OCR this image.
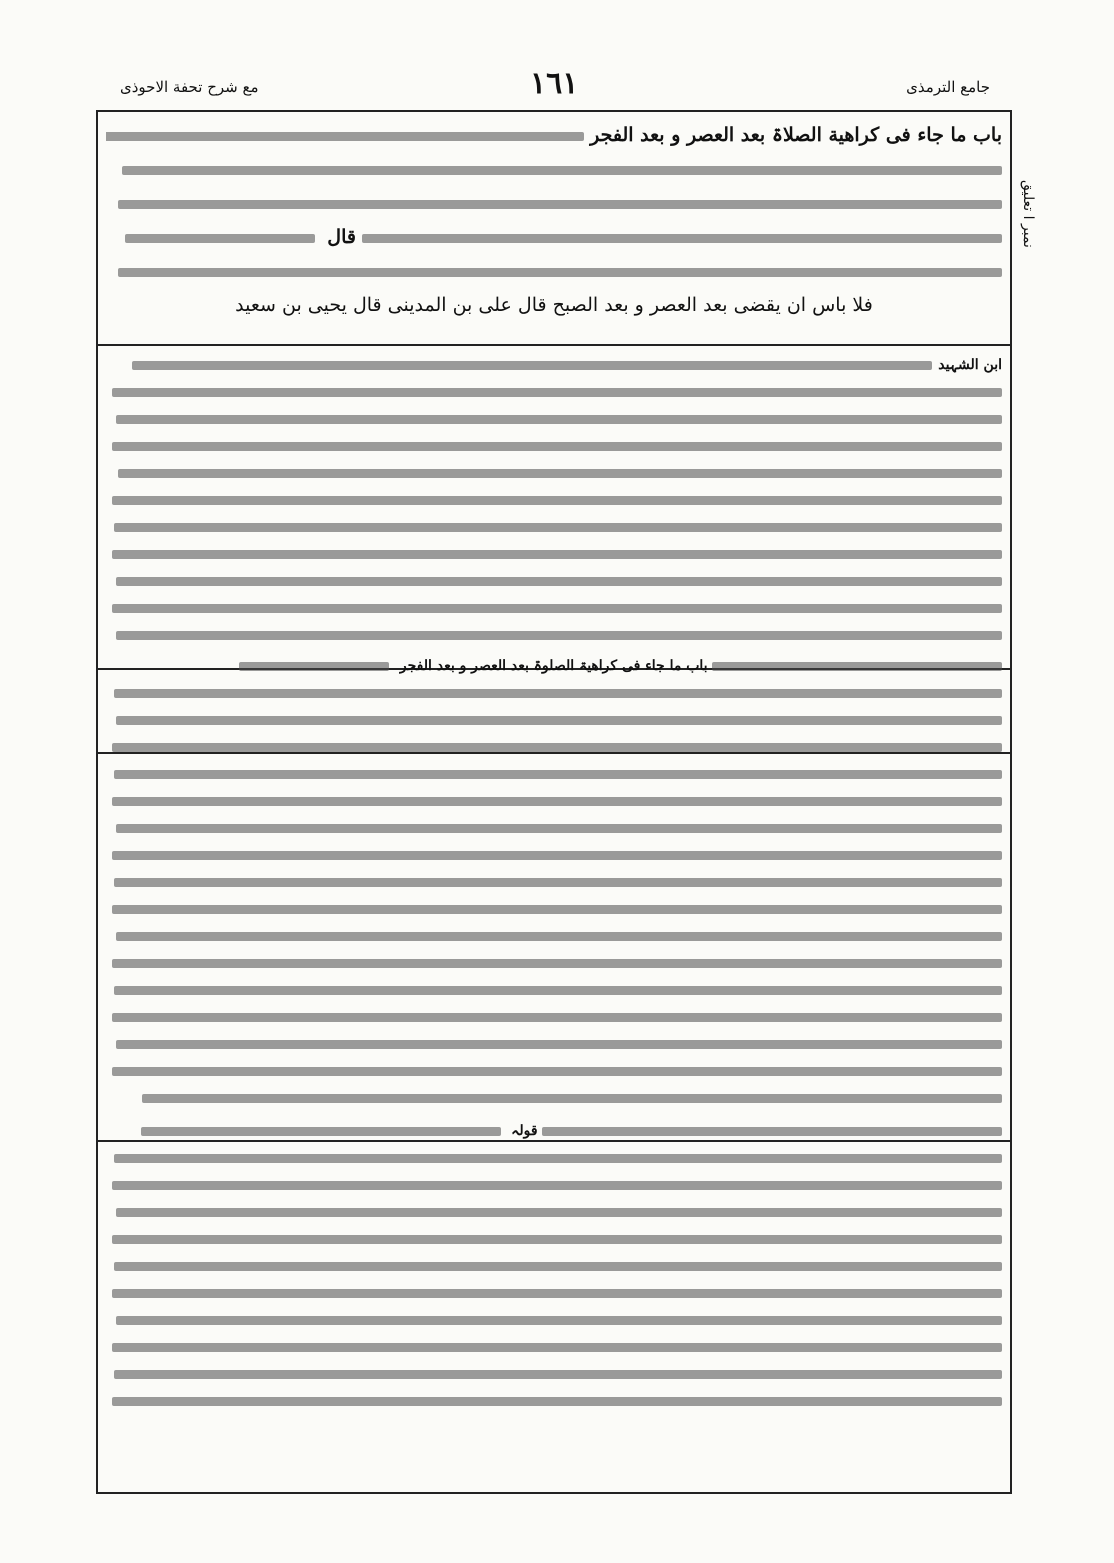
مع شرح تحفة الاحوذی	١٦١	جامع الترمذی
نمبر ا تعلیق
باب ما جاء فی کراهیة الصلاۃ بعد العصر و بعد الفجر
قال
فلا باس ان یقضی بعد العصر و بعد الصبح قال علی بن المدینی قال یحیی بن سعید
ابن الشہید
باب ما جاء فی کراھیۃ الصلوۃ بعد العصر و بعد الفجر
قولہ
